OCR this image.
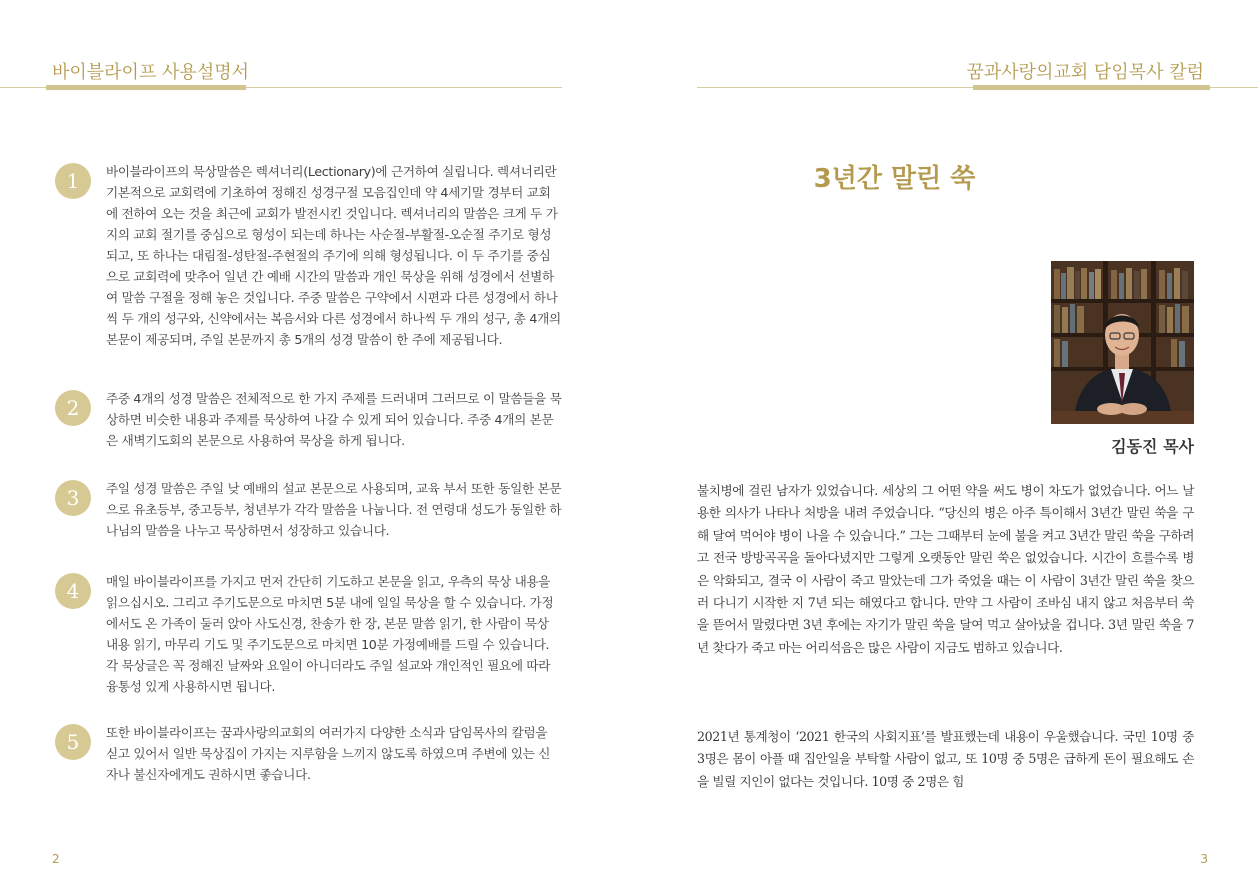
바이블라이프 사용설명서
1	바이블라이프의 묵상말씀은 렉셔너리(Lectionary)에 근거하여 실립니다. 렉셔너리란 기본적으로 교회력에 기초하여 정해진 성경구절 모음집인데 약 4세기말 경부터 교회에 전하여 오는 것을 최근에 교회가 발전시킨 것입니다. 렉셔너리의 말씀은 크게 두 가지의 교회 절기를 중심으로 형성이 되는데 하나는 사순절-부활절-오순절 주기로 형성되고, 또 하나는 대림절-성탄절-주현절의 주기에 의해 형성됩니다. 이 두 주기를 중심으로 교회력에 맞추어 일년 간 예배 시간의 말씀과 개인 묵상을 위해 성경에서 선별하여 말씀 구절을 정해 놓은 것입니다. 주중 말씀은 구약에서 시편과 다른 성경에서 하나씩 두 개의 성구와, 신약에서는 복음서와 다른 성경에서 하나씩 두 개의 성구, 총 4개의 본문이 제공되며, 주일 본문까지 총 5개의 성경 말씀이 한 주에 제공됩니다.
2	주중 4개의 성경 말씀은 전체적으로 한 가지 주제를 드러내며 그러므로 이 말씀들을 묵상하면 비슷한 내용과 주제를 묵상하여 나갈 수 있게 되어 있습니다. 주중 4개의 본문은 새벽기도회의 본문으로 사용하여 묵상을 하게 됩니다.
3	주일 성경 말씀은 주일 낮 예배의 설교 본문으로 사용되며, 교육 부서 또한 동일한 본문으로 유초등부, 중고등부, 청년부가 각각 말씀을 나눕니다. 전 연령대 성도가 동일한 하나님의 말씀을 나누고 묵상하면서 성장하고 있습니다.
4	매일 바이블라이프를 가지고 먼저 간단히 기도하고 본문을 읽고, 우측의 묵상 내용을 읽으십시오. 그리고 주기도문으로 마치면 5분 내에 일일 묵상을 할 수 있습니다. 가정에서도 온 가족이 둘러 앉아 사도신경, 찬송가 한 장, 본문 말씀 읽기, 한 사람이 묵상 내용 읽기, 마무리 기도 및 주기도문으로 마치면 10분 가정예배를 드릴 수 있습니다. 각 묵상글은 꼭 정해진 날짜와 요일이 아니더라도 주일 설교와 개인적인 필요에 따라 융통성 있게 사용하시면 됩니다.
5	또한 바이블라이프는 꿈과사랑의교회의 여러가지 다양한 소식과 담임목사의 칼럼을 싣고 있어서 일반 묵상집이 가지는 지루함을 느끼지 않도록 하였으며 주변에 있는 신자나 불신자에게도 권하시면 좋습니다.
2
꿈과사랑의교회 담임목사 칼럼
3년간 말린 쑥
김동진 목사
불치병에 걸린 남자가 있었습니다. 세상의 그 어떤 약을 써도 병이 차도가 없었습니다. 어느 날 용한 의사가 나타나 처방을 내려 주었습니다. “당신의 병은 아주 특이해서 3년간 말린 쑥을 구해 달여 먹어야 병이 나을 수 있습니다.” 그는 그때부터 눈에 불을 켜고 3년간 말린 쑥을 구하려고 전국 방방곡곡을 돌아다녔지만 그렇게 오랫동안 말린 쑥은 없었습니다. 시간이 흐를수록 병은 악화되고, 결국 이 사람이 죽고 말았는데 그가 죽었을 때는 이 사람이 3년간 말린 쑥을 찾으러 다니기 시작한 지 7년 되는 해였다고 합니다. 만약 그 사람이 조바심 내지 않고 처음부터 쑥을 뜯어서 말렸다면 3년 후에는 자기가 말린 쑥을 달여 먹고 살아났을 겁니다. 3년 말린 쑥을 7년 찾다가 죽고 마는 어리석음은 많은 사람이 지금도 범하고 있습니다.
2021년 통계청이 ‘2021 한국의 사회지표’를 발표했는데 내용이 우울했습니다. 국민 10명 중 3명은 몸이 아플 때 집안일을 부탁할 사람이 없고, 또 10명 중 5명은 급하게 돈이 필요해도 손을 빌릴 지인이 없다는 것입니다. 10명 중 2명은 힘
3
